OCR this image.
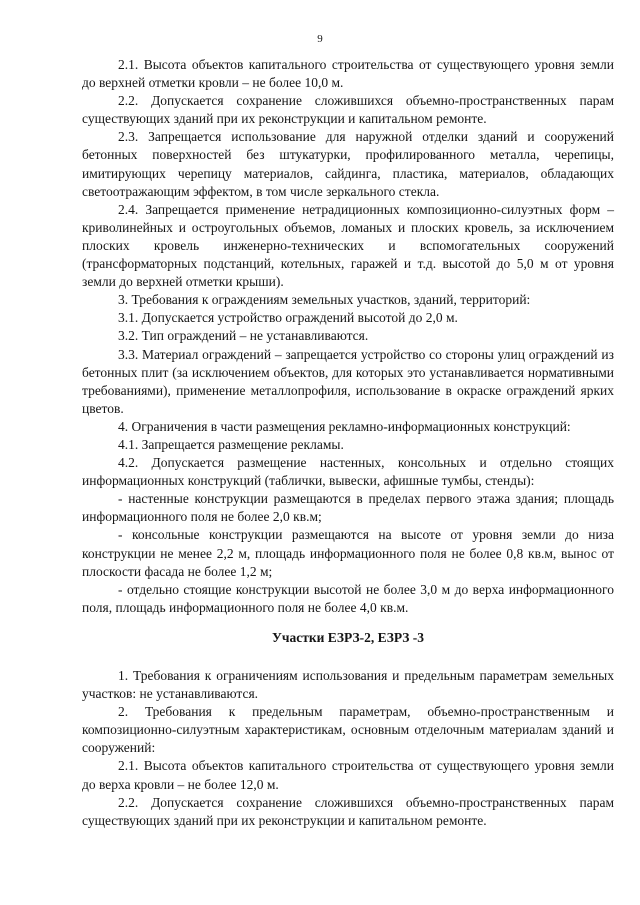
9

2.1. Высота объектов капитального строительства от существующего уровня земли до верхней отметки кровли – не более 10,0 м.

2.2. Допускается сохранение сложившихся объемно-пространственных парам существующих зданий при их реконструкции и капитальном ремонте.

2.3. Запрещается использование для наружной отделки зданий и сооружений бетонных поверхностей без штукатурки, профилированного металла, черепицы, имитирующих черепицу материалов, сайдинга, пластика, материалов, обладающих светоотражающим эффектом, в том числе зеркального стекла.

2.4. Запрещается применение нетрадиционных композиционно-силуэтных форм – криволинейных и остроугольных объемов, ломаных и плоских кровель, за исключением плоских кровель инженерно-технических и вспомогательных сооружений (трансформаторных подстанций, котельных, гаражей и т.д. высотой до 5,0 м от уровня земли до верхней отметки крыши).

3. Требования к ограждениям земельных участков, зданий, территорий:

3.1. Допускается устройство ограждений высотой до 2,0 м.

3.2. Тип ограждений – не устанавливаются.

3.3. Материал ограждений – запрещается устройство со стороны улиц ограждений из бетонных плит (за исключением объектов, для которых это устанавливается нормативными требованиями), применение металлопрофиля, использование в окраске ограждений ярких цветов.

4. Ограничения в части размещения рекламно-информационных конструкций:

4.1. Запрещается размещение рекламы.

4.2. Допускается размещение настенных, консольных и отдельно стоящих информационных конструкций (таблички, вывески, афишные тумбы, стенды):

- настенные конструкции размещаются в пределах первого этажа здания; площадь информационного поля не более 2,0 кв.м;

- консольные конструкции размещаются на высоте от уровня земли до низа конструкции не менее 2,2 м, площадь информационного поля не более 0,8 кв.м, вынос от плоскости фасада не более 1,2 м;

- отдельно стоящие конструкции высотой не более 3,0 м до верха информационного поля, площадь информационного поля не более 4,0 кв.м.

Участки ЕЗРЗ-2, ЕЗРЗ -3

1. Требования к ограничениям использования и предельным параметрам земельных участков: не устанавливаются.

2. Требования к предельным параметрам, объемно-пространственным и композиционно-силуэтным характеристикам, основным отделочным материалам зданий и сооружений:

2.1. Высота объектов капитального строительства от существующего уровня земли до верха кровли – не более 12,0 м.

2.2. Допускается сохранение сложившихся объемно-пространственных парам существующих зданий при их реконструкции и капитальном ремонте.
